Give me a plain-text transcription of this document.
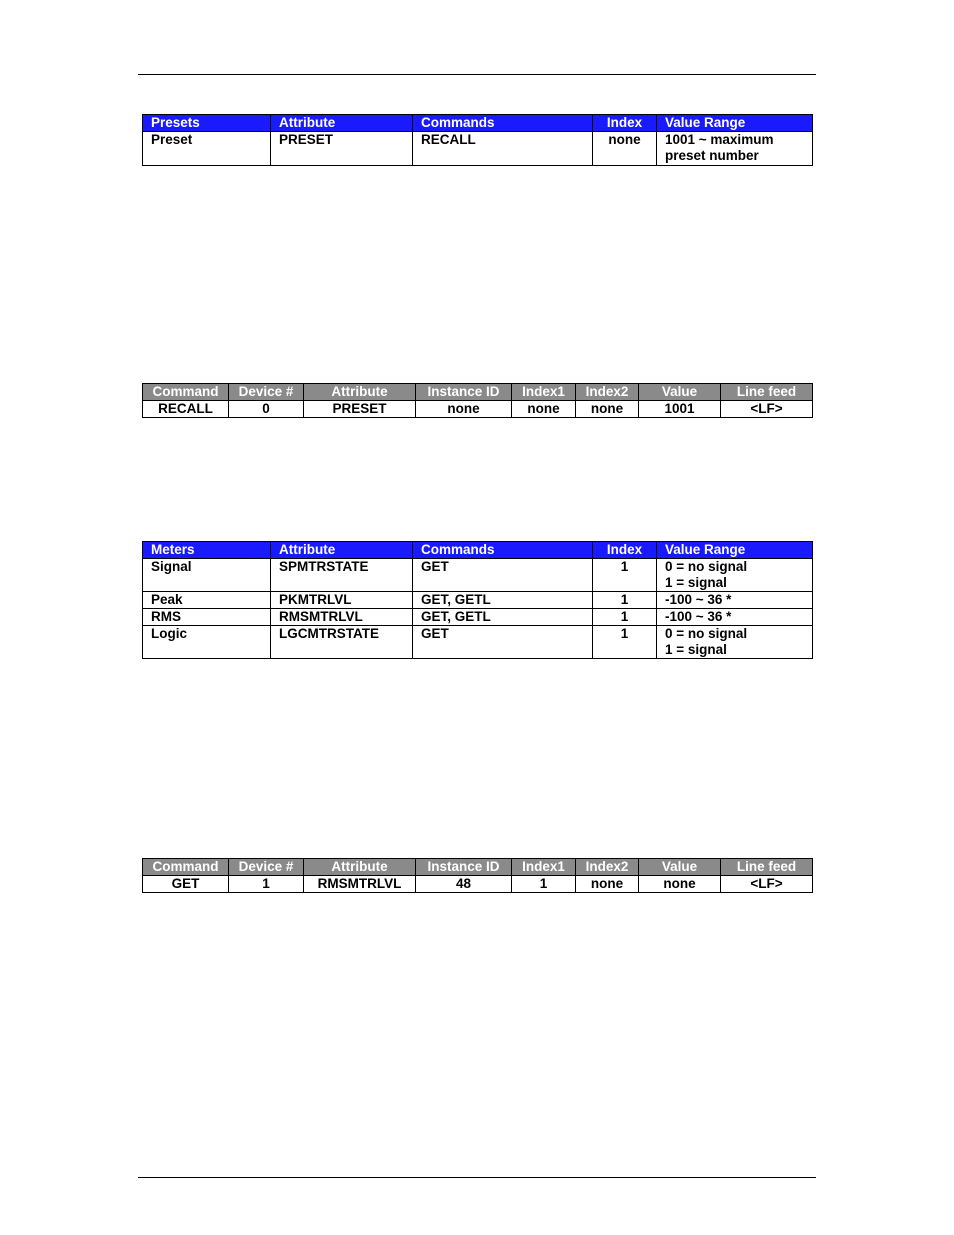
Presets	Attribute	Commands	Index	Value Range
Preset	PRESET	RECALL	none	1001 ~ maximum
preset number
Command	Device #	Attribute	Instance ID	Index1	Index2	Value	Line feed
RECALL	0	PRESET	none	none	none	1001	<LF>
Meters	Attribute	Commands	Index	Value Range
Signal	SPMTRSTATE	GET	1	0 = no signal
1 = signal

Peak	PKMTRLVL	GET, GETL	1	-100 ~ 36 *
RMS	RMSMTRLVL	GET, GETL	1	-100 ~ 36 *
Logic	LGCMTRSTATE	GET	1	0 = no signal
1 = signal
Command	Device #	Attribute	Instance ID	Index1	Index2	Value	Line feed
GET	1	RMSMTRLVL	48	1	none	none	<LF>
